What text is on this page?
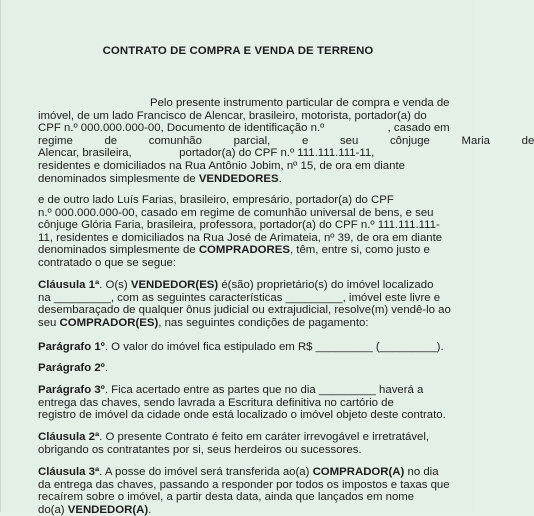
CONTRATO DE COMPRA E VENDA DE TERRENO
Pelo presente instrumento particular de compra e venda de
imóvel, de um lado Francisco de Alencar, brasileiro, motorista, portador(a) do
CPF n.º 000.000.000-00, Documento de identificação n.º                    , casado em
regime          de          comunhão          parcial,          e          seu          cônjuge          Maria          de
Alencar, brasileira,               portador(a) do CPF n.º 111.111.111-11,
residentes e domiciliados na Rua Antônio Jobim, nº 15, de ora em diante
denominados simplesmente de VENDEDORES.
e de outro lado Luís Farias, brasileiro, empresário, portador(a) do CPF
n.º 000.000.000-00, casado em regime de comunhão universal de bens, e seu
cônjuge Glória Faria, brasileira, professora, portador(a) do CPF n.º 111.111.111-
11, residentes e domiciliados na Rua José de Arimateia, nº 39, de ora em diante
denominados simplesmente de COMPRADORES, têm, entre si, como justo e
contratado o que se segue:
Cláusula 1ª. O(s) VENDEDOR(ES) é(são) proprietário(s) do imóvel localizado
na _________, com as seguintes características _________, imóvel este livre e
desembaraçado de qualquer ônus judicial ou extrajudicial, resolve(m) vendê-lo ao
seu COMPRADOR(ES), nas seguintes condições de pagamento:
Parágrafo 1º. O valor do imóvel fica estipulado em R$ _________ (_________).
Parágrafo 2º.
Parágrafo 3º. Fica acertado entre as partes que no dia _________ haverá a
entrega das chaves, sendo lavrada a Escritura definitiva no cartório de
registro de imóvel da cidade onde está localizado o imóvel objeto deste contrato.
Cláusula 2ª. O presente Contrato é feito em caráter irrevogável e irretratável,
obrigando os contratantes por si, seus herdeiros ou sucessores.
Cláusula 3ª. A posse do imóvel será transferida ao(a) COMPRADOR(A) no dia
da entrega das chaves, passando a responder por todos os impostos e taxas que
recaírem sobre o imóvel, a partir desta data, ainda que lançados em nome
do(a) VENDEDOR(A).
